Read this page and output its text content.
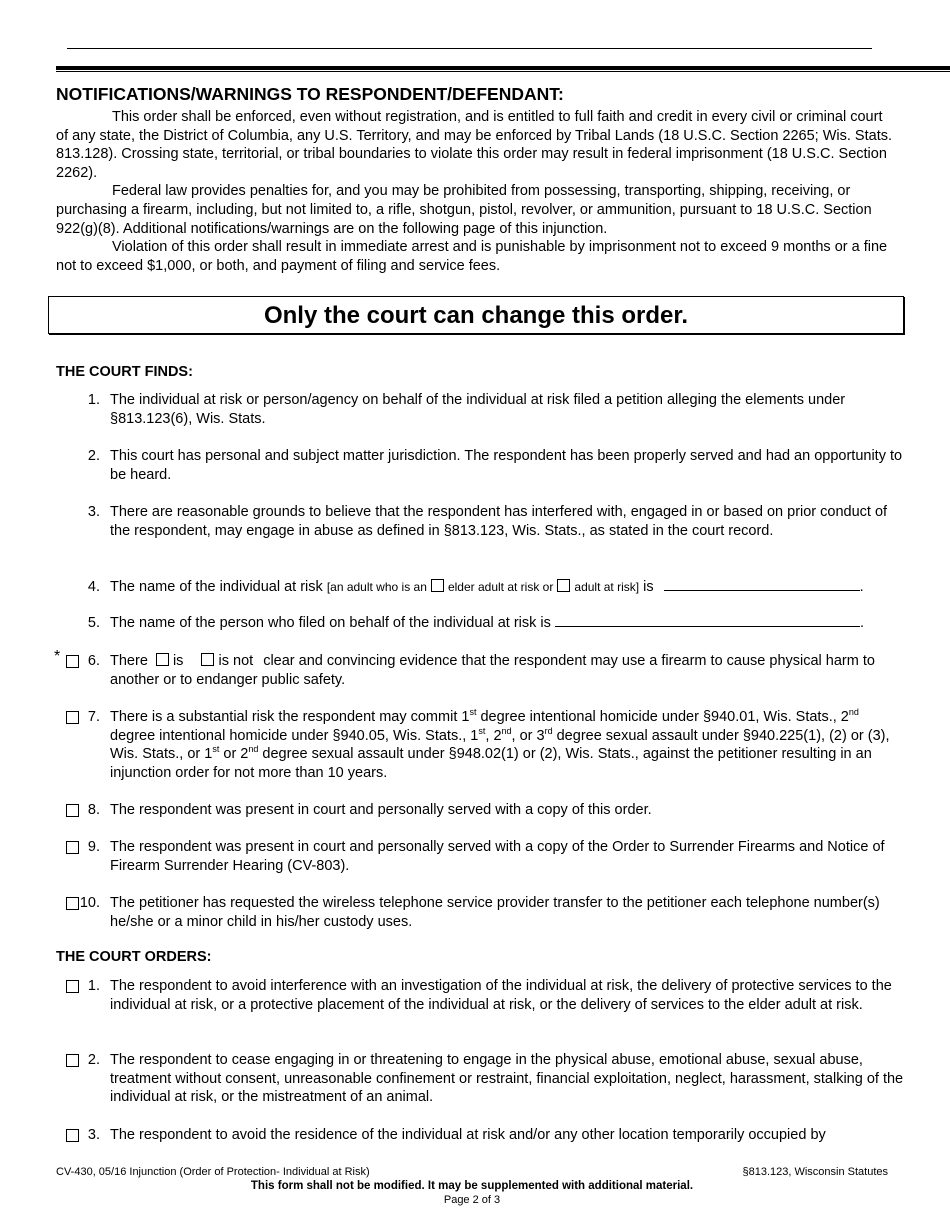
NOTIFICATIONS/WARNINGS TO RESPONDENT/DEFENDANT:

This order shall be enforced, even without registration, and is entitled to full faith and credit in every civil or criminal court of any state, the District of Columbia, any U.S. Territory, and may be enforced by Tribal Lands (18 U.S.C. Section 2265; Wis. Stats. 813.128). Crossing state, territorial, or tribal boundaries to violate this order may result in federal imprisonment (18 U.S.C. Section 2262).

Federal law provides penalties for, and you may be prohibited from possessing, transporting, shipping, receiving, or purchasing a firearm, including, but not limited to, a rifle, shotgun, pistol, revolver, or ammunition, pursuant to 18 U.S.C. Section 922(g)(8). Additional notifications/warnings are on the following page of this injunction.

Violation of this order shall result in immediate arrest and is punishable by imprisonment not to exceed 9 months or a fine not to exceed $1,000, or both, and payment of filing and service fees.

Only the court can change this order.
THE COURT FINDS:
1. The individual at risk or person/agency on behalf of the individual at risk filed a petition alleging the elements under §813.123(6), Wis. Stats.
2. This court has personal and subject matter jurisdiction. The respondent has been properly served and had an opportunity to be heard.
3. There are reasonable grounds to believe that the respondent has interfered with, engaged in or based on prior conduct of the respondent, may engage in abuse as defined in §813.123, Wis. Stats., as stated in the court record.
4. The name of the individual at risk [an adult who is an elder adult at risk or adult at risk] is	.
5. The name of the person who filed on behalf of the individual at risk is	.
*	6. There is is not clear and convincing evidence that the respondent may use a firearm to cause physical harm to another or to endanger public safety.
7. There is a substantial risk the respondent may commit 1st degree intentional homicide under §940.01, Wis. Stats., 2nd degree intentional homicide under §940.05, Wis. Stats., 1st, 2nd, or 3rd degree sexual assault under §940.225(1), (2) or (3), Wis. Stats., or 1st or 2nd degree sexual assault under §948.02(1) or (2), Wis. Stats., against the petitioner resulting in an injunction order for not more than 10 years.
8. The respondent was present in court and personally served with a copy of this order.
9. The respondent was present in court and personally served with a copy of the Order to Surrender Firearms and Notice of Firearm Surrender Hearing (CV-803).
10. The petitioner has requested the wireless telephone service provider transfer to the petitioner each telephone number(s) he/she or a minor child in his/her custody uses.
THE COURT ORDERS:
1. The respondent to avoid interference with an investigation of the individual at risk, the delivery of protective services to the individual at risk, or a protective placement of the individual at risk, or the delivery of services to the elder adult at risk.
2. The respondent to cease engaging in or threatening to engage in the physical abuse, emotional abuse, sexual abuse, treatment without consent, unreasonable confinement or restraint, financial exploitation, neglect, harassment, stalking of the individual at risk, or the mistreatment of an animal.
3. The respondent to avoid the residence of the individual at risk and/or any other location temporarily occupied by
CV-430, 05/16 Injunction (Order of Protection- Individual at Risk)	§813.123, Wisconsin Statutes
This form shall not be modified. It may be supplemented with additional material.
Page 2 of 3
